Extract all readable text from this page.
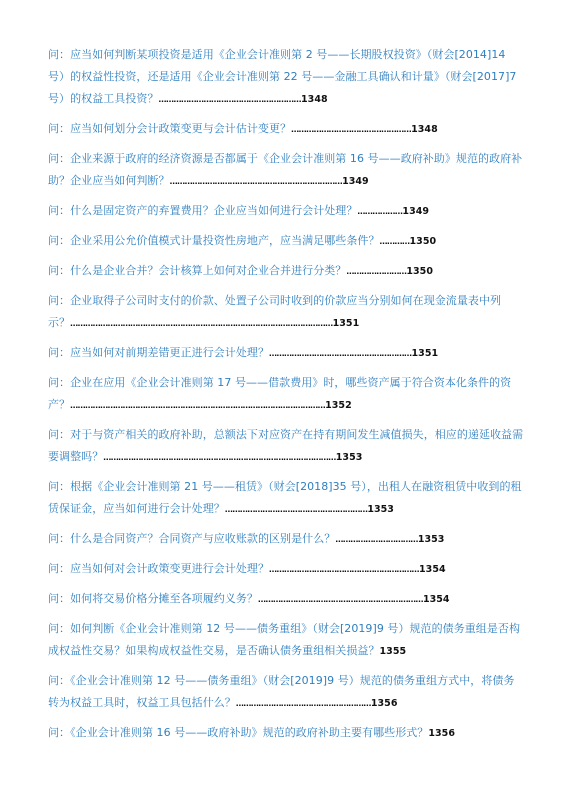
问：应当如何判断某项投资是适用《企业会计准则第 2 号——长期股权投资》（财会[2014]14 号）的权益性投资，还是适用《企业会计准则第 22 号——金融工具确认和计量》（财会[2017]7 号）的权益工具投资？…………………………………………………1348
问：应当如何划分会计政策变更与会计估计变更？…………………………………………1348
问：企业来源于政府的经济资源是否都属于《企业会计准则第 16 号——政府补助》规范的政府补助？企业应当如何判断？……………………………………………………………1349
问：什么是固定资产的弃置费用？企业应当如何进行会计处理？………………1349
问：企业采用公允价值模式计量投资性房地产，应当满足哪些条件？…………1350
问：什么是企业合并？会计核算上如何对企业合并进行分类？……………………1350
问：企业取得子公司时支付的价款、处置子公司时收到的价款应当分别如何在现金流量表中列示？……………………………………………………………………………………………1351
问：应当如何对前期差错更正进行会计处理？…………………………………………………1351
问：企业在应用《企业会计准则第 17 号——借款费用》时，哪些资产属于符合资本化条件的资产？…………………………………………………………………………………………1352
问：对于与资产相关的政府补助，总额法下对应资产在持有期间发生减值损失，相应的递延收益需要调整吗？…………………………………………………………………………………1353
问：根据《企业会计准则第 21 号——租赁》（财会[2018]35 号），出租人在融资租赁中收到的租赁保证金，应当如何进行会计处理？…………………………………………………1353
问：什么是合同资产？合同资产与应收账款的区别是什么？……………………………1353
问：应当如何对会计政策变更进行会计处理？……………………………………………………1354
问：如何将交易价格分摊至各项履约义务？…………………………………………………………1354
问：如何判断《企业会计准则第 12 号——债务重组》（财会[2019]9 号）规范的债务重组是否构成权益性交易？如果构成权益性交易，是否确认债务重组相关损益？1355
问：《企业会计准则第 12 号——债务重组》（财会[2019]9 号）规范的债务重组方式中，将债务转为权益工具时，权益工具包括什么？………………………………………………1356
问：《企业会计准则第 16 号——政府补助》规范的政府补助主要有哪些形式？1356
